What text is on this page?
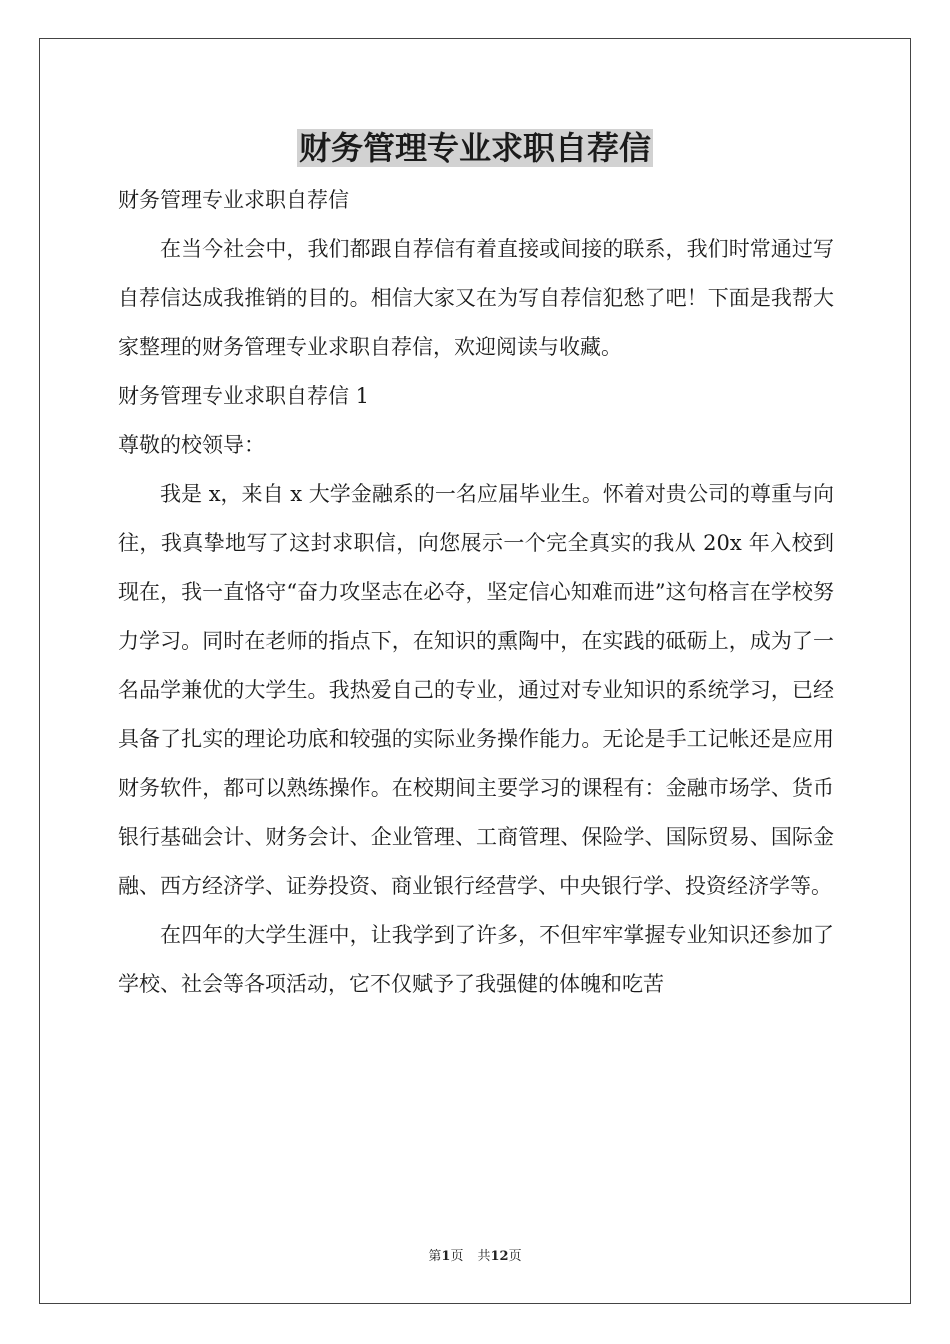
财务管理专业求职自荐信

财务管理专业求职自荐信

在当今社会中，我们都跟自荐信有着直接或间接的联系，我们时常通过写自荐信达成我推销的目的。相信大家又在为写自荐信犯愁了吧！下面是我帮大家整理的财务管理专业求职自荐信，欢迎阅读与收藏。

财务管理专业求职自荐信 1

尊敬的校领导：

我是 x，来自 x 大学金融系的一名应届毕业生。怀着对贵公司的尊重与向往，我真挚地写了这封求职信，向您展示一个完全真实的我从 20x 年入校到现在，我一直恪守“奋力攻坚志在必夺，坚定信心知难而进”这句格言在学校努力学习。同时在老师的指点下，在知识的熏陶中，在实践的砥砺上，成为了一名品学兼优的大学生。我热爱自己的专业，通过对专业知识的系统学习，已经具备了扎实的理论功底和较强的实际业务操作能力。无论是手工记帐还是应用财务软件，都可以熟练操作。在校期间主要学习的课程有：金融市场学、货币银行基础会计、财务会计、企业管理、工商管理、保险学、国际贸易、国际金融、西方经济学、证券投资、商业银行经营学、中央银行学、投资经济学等。

在四年的大学生涯中，让我学到了许多，不但牢牢掌握专业知识还参加了学校、社会等各项活动，它不仅赋予了我强健的体魄和吃苦

第1页 共12页
